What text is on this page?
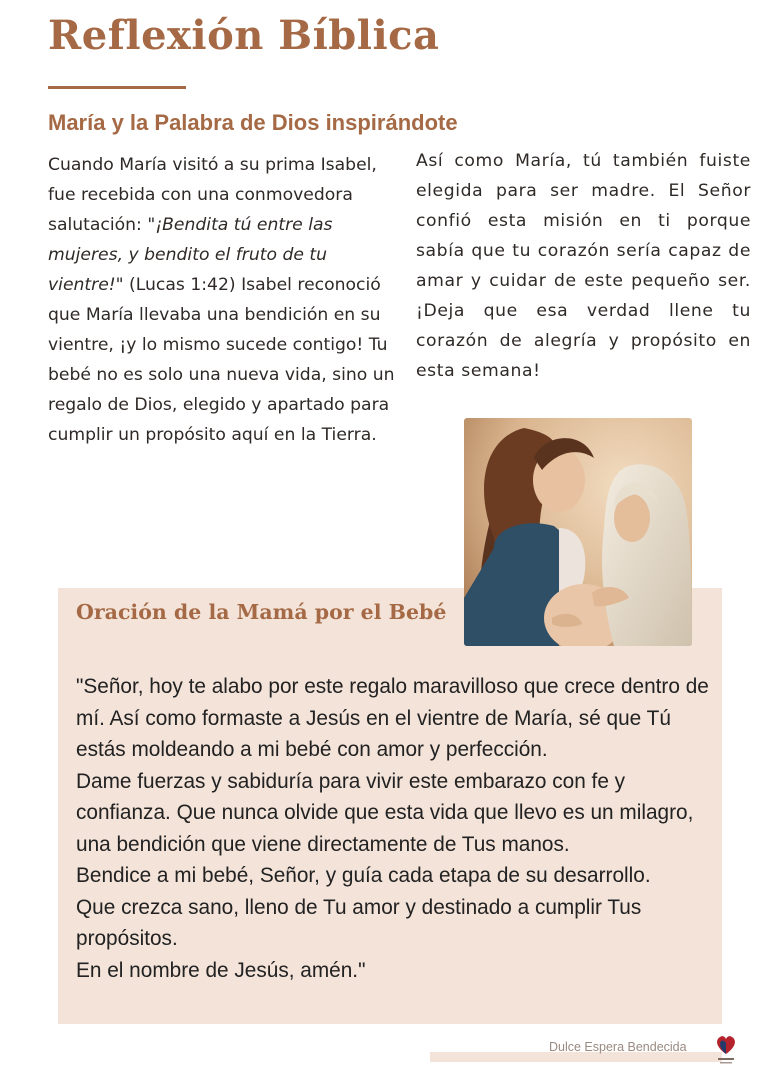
Reflexión Bíblica
María y la Palabra de Dios inspirándote
Cuando María visitó a su prima Isabel, fue recebida con una conmovedora salutación: "¡Bendita tú entre las mujeres, y bendito el fruto de tu vientre!" (Lucas 1:42) Isabel reconoció que María llevaba una bendición en su vientre, ¡y lo mismo sucede contigo! Tu bebé no es solo una nueva vida, sino un regalo de Dios, elegido y apartado para cumplir un propósito aquí en la Tierra.
Así como María, tú también fuiste elegida para ser madre. El Señor confió esta misión en ti porque sabía que tu corazón sería capaz de amar y cuidar de este pequeño ser. ¡Deja que esa verdad llene tu corazón de alegría y propósito en esta semana!
Oración de la Mamá por el Bebé
"Señor, hoy te alabo por este regalo maravilloso que crece dentro de mí. Así como formaste a Jesús en el vientre de María, sé que Tú estás moldeando a mi bebé con amor y perfección.
Dame fuerzas y sabiduría para vivir este embarazo con fe y confianza. Que nunca olvide que esta vida que llevo es un milagro, una bendición que viene directamente de Tus manos.
Bendice a mi bebé, Señor, y guía cada etapa de su desarrollo.
Que crezca sano, lleno de Tu amor y destinado a cumplir Tus propósitos.
En el nombre de Jesús, amén."
Dulce Espera Bendecida
